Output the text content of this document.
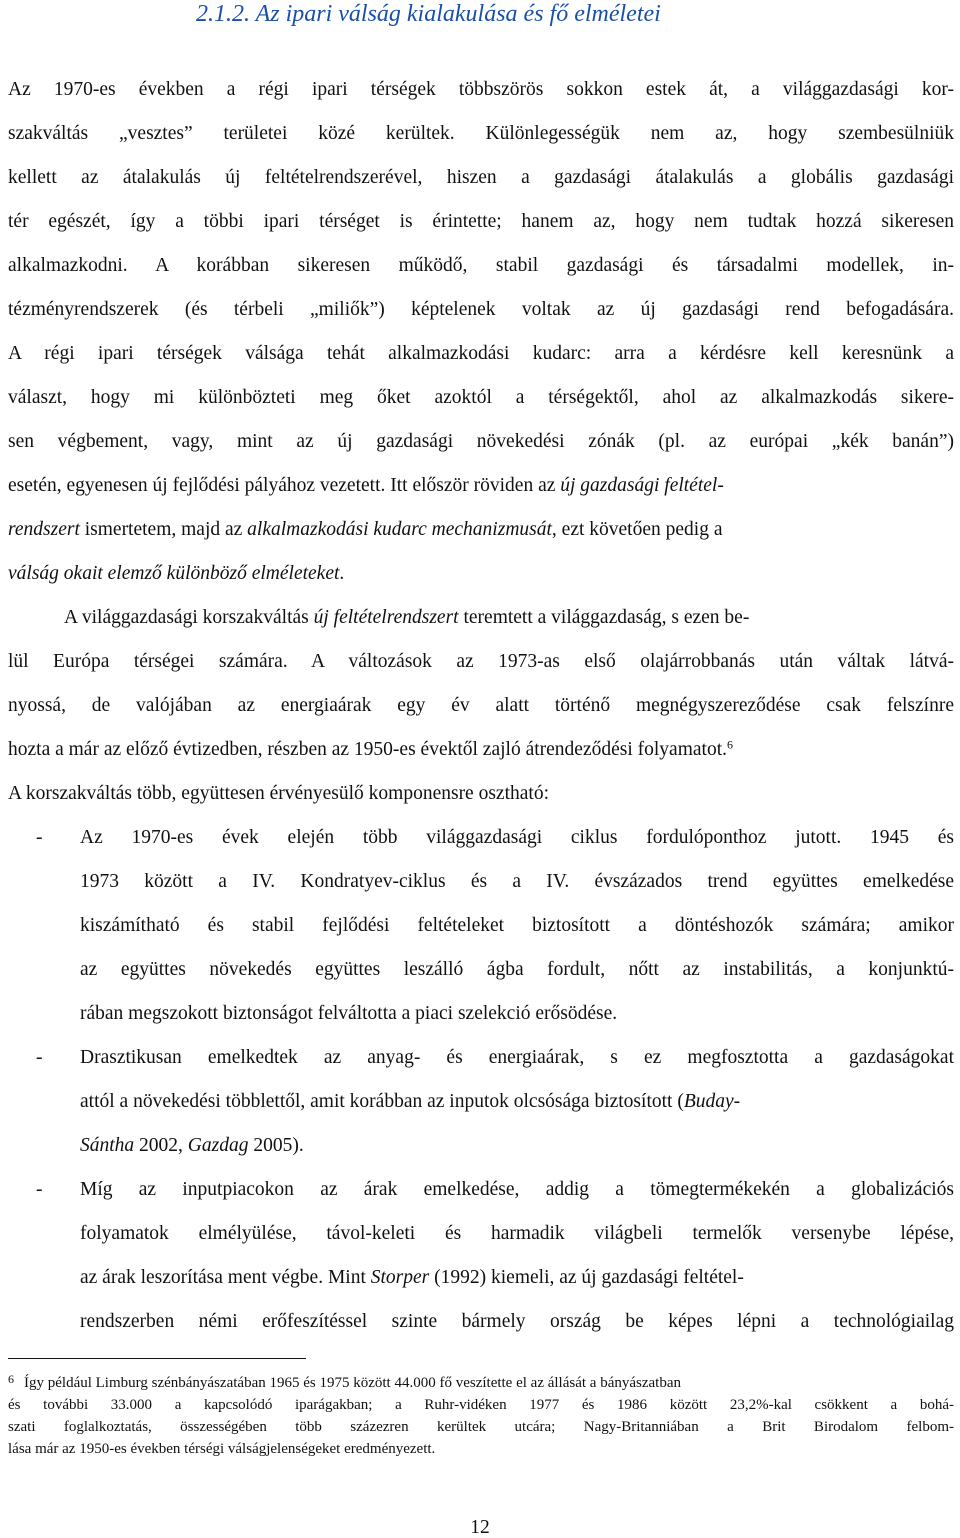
2.1.2. Az ipari válság kialakulása és fő elméletei
Az 1970-es években a régi ipari térségek többszörös sokkon estek át, a világgazdasági kor-
szakváltás „vesztes” területei közé kerültek. Különlegességük nem az, hogy szembesülniük
kellett az átalakulás új feltételrendszerével, hiszen a gazdasági átalakulás a globális gazdasági
tér egészét, így a többi ipari térséget is érintette; hanem az, hogy nem tudtak hozzá sikeresen
alkalmazkodni. A korábban sikeresen működő, stabil gazdasági és társadalmi modellek, in-
tézményrendszerek (és térbeli „miliők”) képtelenek voltak az új gazdasági rend befogadására.
A régi ipari térségek válsága tehát alkalmazkodási kudarc: arra a kérdésre kell keresnünk a
választ, hogy mi különbözteti meg őket azoktól a térségektől, ahol az alkalmazkodás sikere-
sen végbement, vagy, mint az új gazdasági növekedési zónák (pl. az európai „kék banán”)
esetén, egyenesen új fejlődési pályához vezetett. Itt először röviden az új gazdasági feltétel-
rendszert ismertetem, majd az alkalmazkodási kudarc mechanizmusát, ezt követően pedig a
válság okait elemző különböző elméleteket.
A világgazdasági korszakváltás új feltételrendszert teremtett a világgazdaság, s ezen be-
lül Európa térségei számára. A változások az 1973-as első olajárrobbanás után váltak látvá-
nyossá, de valójában az energiaárak egy év alatt történő megnégyszereződése csak felszínre
hozta a már az előző évtizedben, részben az 1950-es évektől zajló átrendeződési folyamatot.$^6$
A korszakváltás több, együttesen érvényesülő komponensre osztható:
- Az 1970-es évek elején több világgazdasági ciklus fordulóponthoz jutott. 1945 és
1973 között a IV. Kondratyev-ciklus és a IV. évszázados trend együttes emelkedése
kiszámítható és stabil fejlődési feltételeket biztosított a döntéshozók számára; amikor
az együttes növekedés együttes leszálló ágba fordult, nőtt az instabilitás, a konjunktú-
rában megszokott biztonságot felváltotta a piaci szelekció erősödése.
- Drasztikusan emelkedtek az anyag- és energiaárak, s ez megfosztotta a gazdaságokat
attól a növekedési többlettől, amit korábban az inputok olcsósága biztosított (Buday-
Sántha 2002, Gazdag 2005).
- Míg az inputpiacokon az árak emelkedése, addig a tömegtermékekén a globalizációs
folyamatok elmélyülése, távol-keleti és harmadik világbeli termelők versenybe lépése,
az árak leszorítása ment végbe. Mint Storper (1992) kiemeli, az új gazdasági feltétel-
rendszerben némi erőfeszítéssel szinte bármely ország be képes lépni a technológiailag
6 Így például Limburg szénbányászatában 1965 és 1975 között 44.000 fő veszítette el az állását a bányászatban
és további 33.000 a kapcsolódó iparágakban; a Ruhr-vidéken 1977 és 1986 között 23,2%-kal csökkent a bohá-
szati foglalkoztatás, összességében több százezren kerültek utcára; Nagy-Britanniában a Brit Birodalom felbom-
lása már az 1950-es években térségi válságjelenségeket eredményezett.
12
